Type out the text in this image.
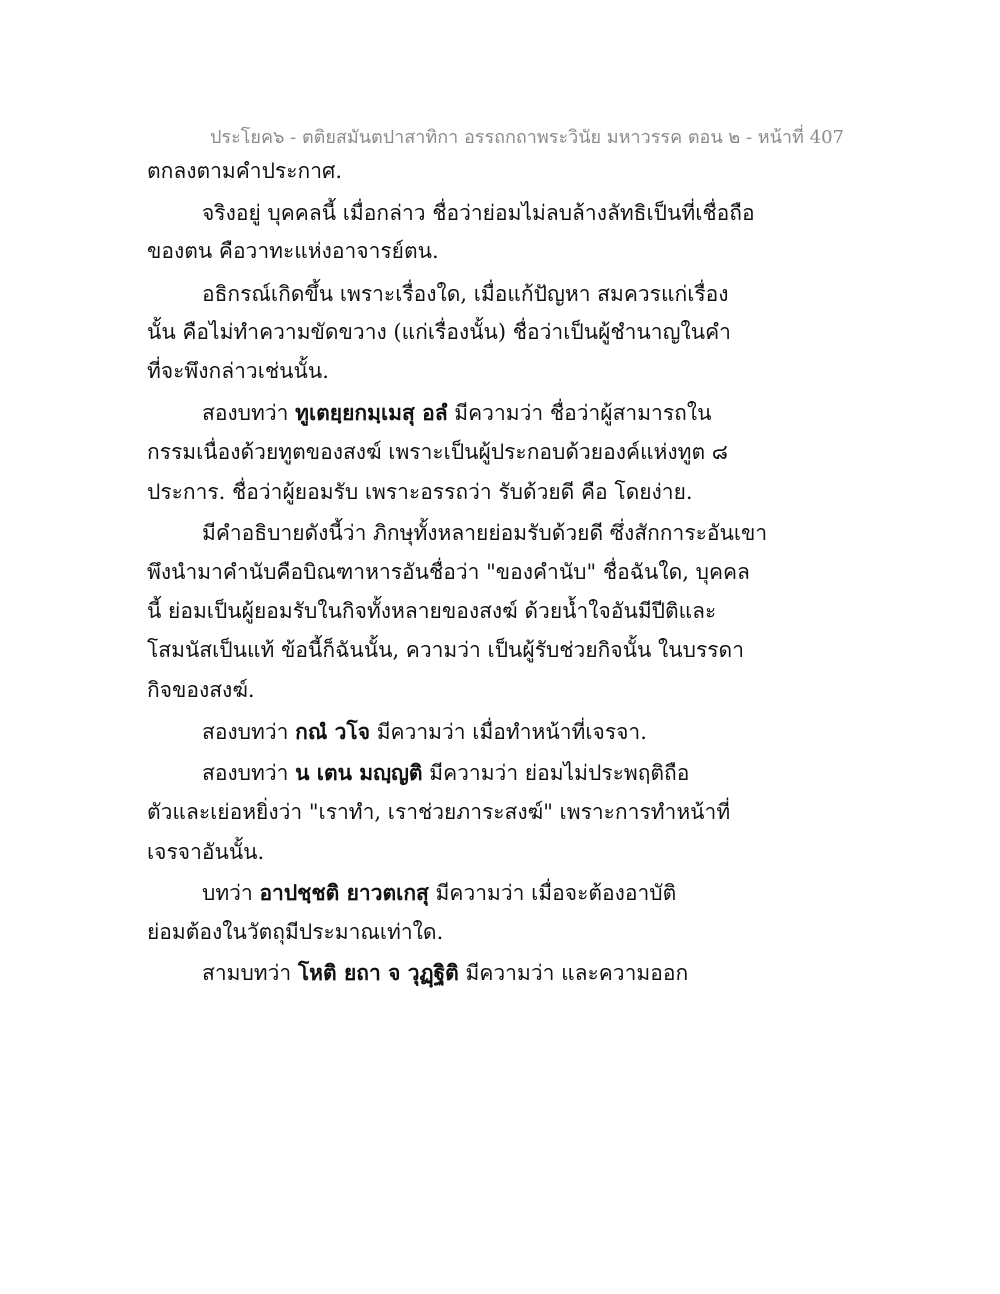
ประโยค๖ - ตติยสมันตปาสาทิกา อรรถกถาพระวินัย มหาวรรค ตอน ๒ - หน้าที่ 407
ตกลงตามคำประกาศ.
จริงอยู่ บุคคลนี้ เมื่อกล่าว ชื่อว่าย่อมไม่ลบล้างลัทธิเป็นที่เชื่อถือ
ของตน คือวาทะแห่งอาจารย์ตน.
อธิกรณ์เกิดขึ้น เพราะเรื่องใด, เมื่อแก้ปัญหา สมควรแก่เรื่อง
นั้น คือไม่ทำความขัดขวาง (แก่เรื่องนั้น) ชื่อว่าเป็นผู้ชำนาญในคำ
ที่จะพึงกล่าวเช่นนั้น.
สองบทว่า ทูเตยฺยกมฺเมสุ อลํ มีความว่า ชื่อว่าผู้สามารถใน
กรรมเนื่องด้วยทูตของสงฆ์ เพราะเป็นผู้ประกอบด้วยองค์แห่งทูต ๘
ประการ. ชื่อว่าผู้ยอมรับ เพราะอรรถว่า รับด้วยดี คือ โดยง่าย.
มีคำอธิบายดังนี้ว่า ภิกษุทั้งหลายย่อมรับด้วยดี ซึ่งสักการะอันเขา
พึงนำมาคำนับคือบิณฑาหารอันชื่อว่า "ของคำนับ" ชื่อฉันใด, บุคคล
นี้ ย่อมเป็นผู้ยอมรับในกิจทั้งหลายของสงฆ์ ด้วยน้ำใจอันมีปีติและ
โสมนัสเป็นแท้ ข้อนี้ก็ฉันนั้น, ความว่า เป็นผู้รับช่วยกิจนั้น ในบรรดา
กิจของสงฆ์.
สองบทว่า กณํ วโจ มีความว่า เมื่อทำหน้าที่เจรจา.
สองบทว่า น เตน มญฺญติ มีความว่า ย่อมไม่ประพฤติถือ
ตัวและเย่อหยิ่งว่า "เราทำ, เราช่วยภาระสงฆ์" เพราะการทำหน้าที่
เจรจาอันนั้น.
บทว่า อาปชฺชติ ยาวตเกสุ มีความว่า เมื่อจะต้องอาบัติ
ย่อมต้องในวัตถุมีประมาณเท่าใด.
สามบทว่า โหติ ยถา จ วุฏฺฐิติ มีความว่า และความออก
